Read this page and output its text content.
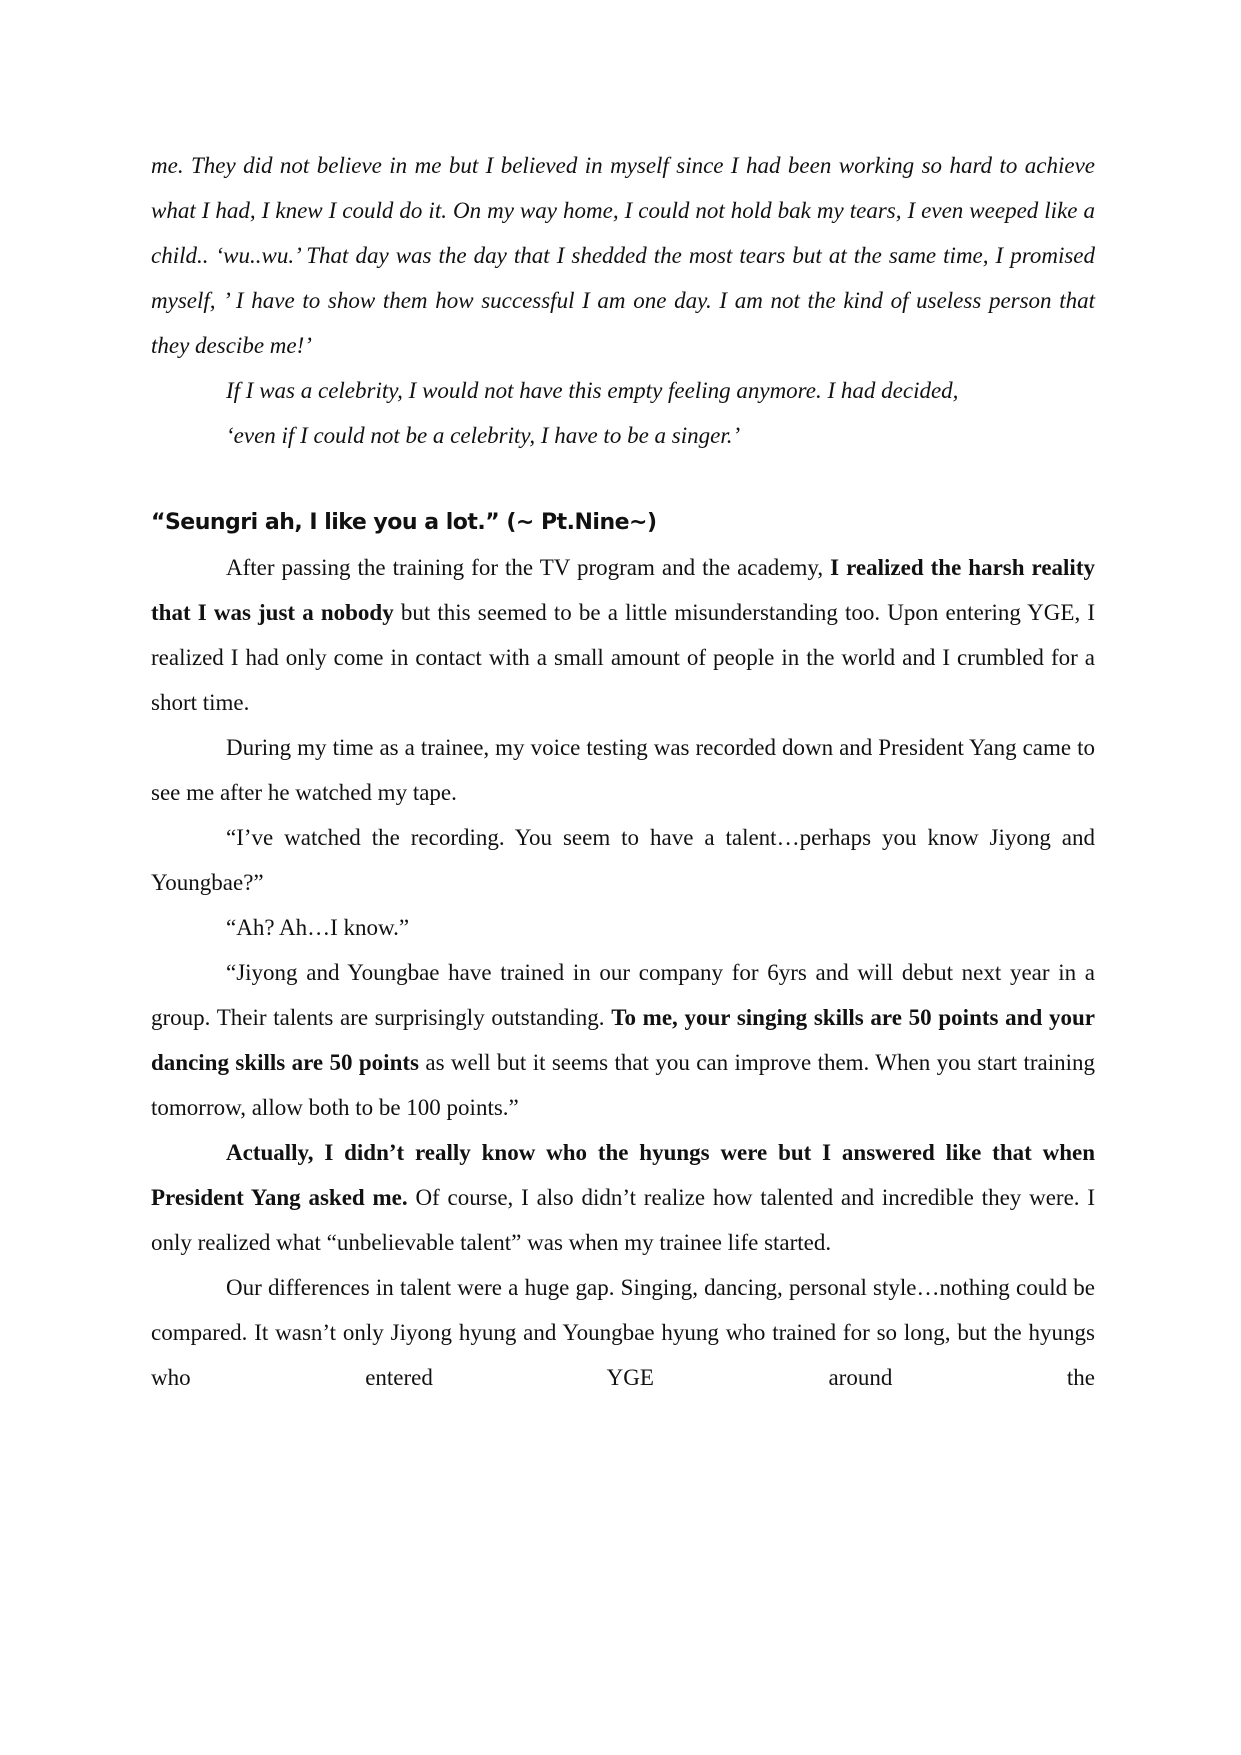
me. They did not believe in me but I believed in myself since I had been working so hard to achieve what I had, I knew I could do it. On my way home, I could not hold bak my tears, I even weeped like a child.. ‘wu..wu.’ That day was the day that I shedded the most tears but at the same time, I promised myself, ’ I have to show them how successful I am one day. I am not the kind of useless person that they descibe me!’

If I was a celebrity, I would not have this empty feeling anymore. I had decided,

‘even if I could not be a celebrity, I have to be a singer.’

“Seungri ah, I like you a lot.” (~ Pt.Nine~)

After passing the training for the TV program and the academy, I realized the harsh reality that I was just a nobody but this seemed to be a little misunderstanding too. Upon entering YGE, I realized I had only come in contact with a small amount of people in the world and I crumbled for a short time.

During my time as a trainee, my voice testing was recorded down and President Yang came to see me after he watched my tape.

“I’ve watched the recording. You seem to have a talent…perhaps you know Jiyong and Youngbae?”

“Ah? Ah…I know.”

“Jiyong and Youngbae have trained in our company for 6yrs and will debut next year in a group. Their talents are surprisingly outstanding. To me, your singing skills are 50 points and your dancing skills are 50 points as well but it seems that you can improve them. When you start training tomorrow, allow both to be 100 points.”

Actually, I didn’t really know who the hyungs were but I answered like that when President Yang asked me. Of course, I also didn’t realize how talented and incredible they were. I only realized what “unbelievable talent” was when my trainee life started.

Our differences in talent were a huge gap. Singing, dancing, personal style…nothing could be compared. It wasn’t only Jiyong hyung and Youngbae hyung who trained for so long, but the hyungs who entered YGE around the
